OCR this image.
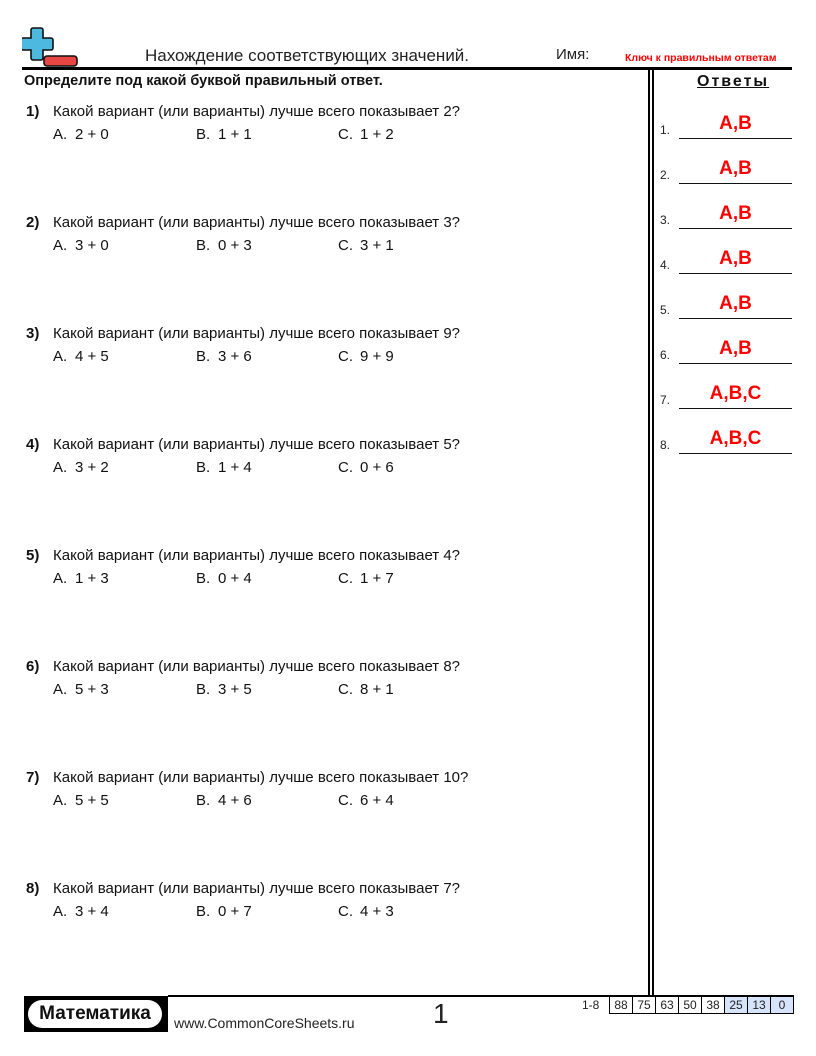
Нахождение соответствующих значений.	Имя:	Ключ к правильным ответам
Определите под какой буквой правильный ответ.
1) Какой вариант (или варианты) лучше всего показывает 2?
A. 2 + 0	B. 1 + 1	C. 1 + 2
2) Какой вариант (или варианты) лучше всего показывает 3?
A. 3 + 0	B. 0 + 3	C. 3 + 1
3) Какой вариант (или варианты) лучше всего показывает 9?
A. 4 + 5	B. 3 + 6	C. 9 + 9
4) Какой вариант (или варианты) лучше всего показывает 5?
A. 3 + 2	B. 1 + 4	C. 0 + 6
5) Какой вариант (или варианты) лучше всего показывает 4?
A. 1 + 3	B. 0 + 4	C. 1 + 7
6) Какой вариант (или варианты) лучше всего показывает 8?
A. 5 + 3	B. 3 + 5	C. 8 + 1
7) Какой вариант (или варианты) лучше всего показывает 10?
A. 5 + 5	B. 4 + 6	C. 6 + 4
8) Какой вариант (или варианты) лучше всего показывает 7?
A. 3 + 4	B. 0 + 7	C. 4 + 3
Ответы
1.	A,B
2.	A,B
3.	A,B
4.	A,B
5.	A,B
6.	A,B
7.	A,B,C
8.	A,B,C
Математика	www.CommonCoreSheets.ru	1	1-8	88 75 63 50 38 25 13	0
